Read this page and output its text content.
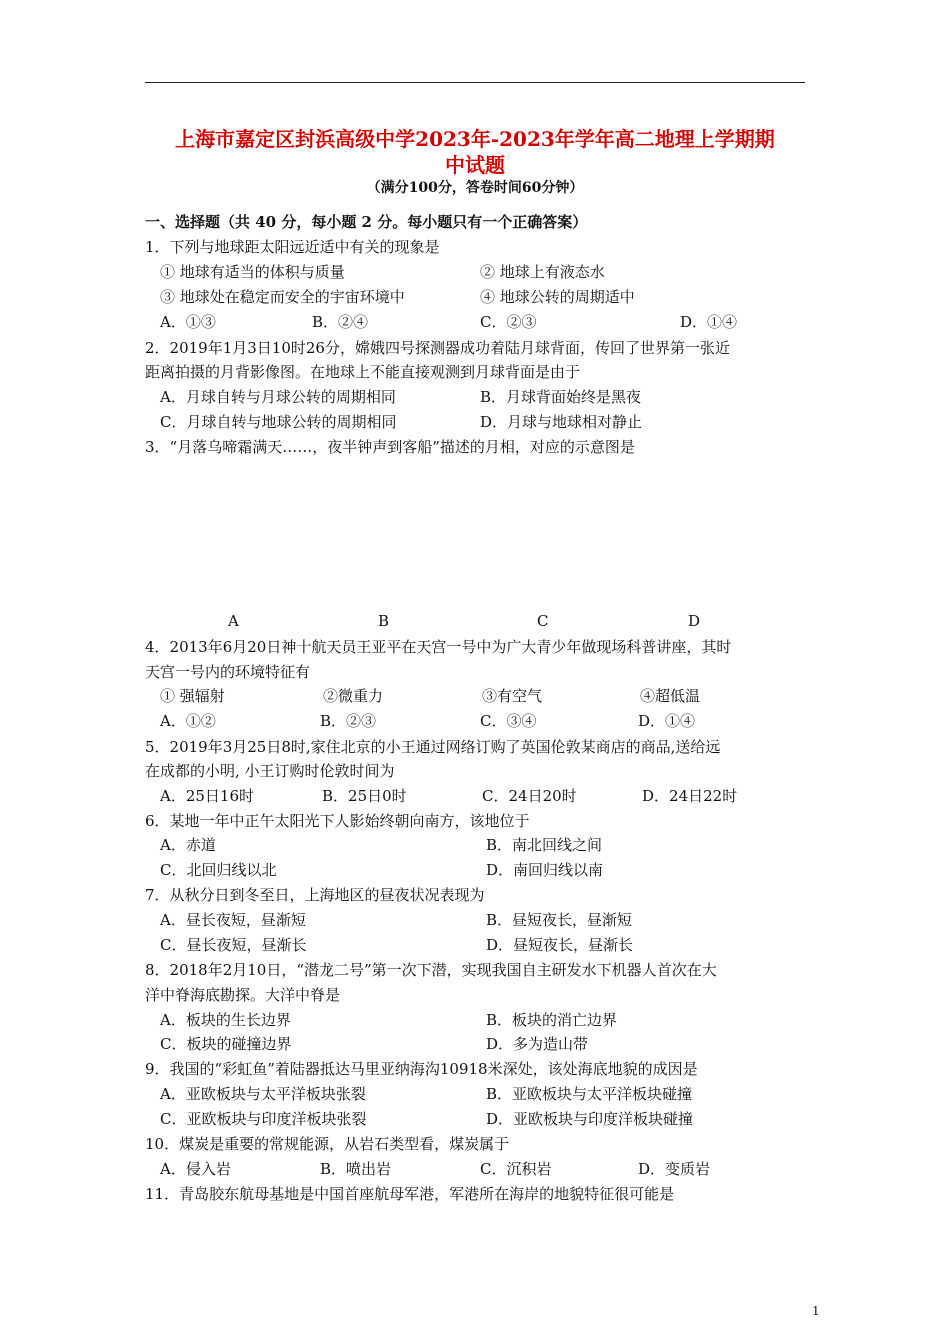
上海市嘉定区封浜高级中学2023年-2023年学年高二地理上学期期
中试题
（满分100分，答卷时间60分钟）
一、选择题（共 40 分，每小题 2 分。每小题只有一个正确答案）
1．下列与地球距太阳远近适中有关的现象是
① 地球有适当的体积与质量	② 地球上有液态水
③ 地球处在稳定而安全的宇宙环境中	④ 地球公转的周期适中
A．①③	B．②④	C．②③	D．①④
2．2019年1月3日10时26分，嫦娥四号探测器成功着陆月球背面，传回了世界第一张近
距离拍摄的月背影像图。在地球上不能直接观测到月球背面是由于
A．月球自转与月球公转的周期相同	B．月球背面始终是黑夜
C．月球自转与地球公转的周期相同	D．月球与地球相对静止
3．“月落乌啼霜满天……，夜半钟声到客船”描述的月相，对应的示意图是
A	B	C	D
4．2013年6月20日神十航天员王亚平在天宫一号中为广大青少年做现场科普讲座，其时
天宫一号内的环境特征有
① 强辐射	②微重力	③有空气	④超低温
A．①②	B．②③	C．③④	D．①④
5．2019年3月25日8时,家住北京的小王通过网络订购了英国伦敦某商店的商品,送给远
在成都的小明, 小王订购时伦敦时间为
A．25日16时	B．25日0时	C．24日20时	D．24日22时
6．某地一年中正午太阳光下人影始终朝向南方，该地位于
A．赤道	B．南北回线之间
C．北回归线以北	D．南回归线以南
7．从秋分日到冬至日，上海地区的昼夜状况表现为
A．昼长夜短，昼渐短	B．昼短夜长，昼渐短
C．昼长夜短，昼渐长	D．昼短夜长，昼渐长
8．2018年2月10日，“潜龙二号”第一次下潜，实现我国自主研发水下机器人首次在大
洋中脊海底勘探。大洋中脊是
A．板块的生长边界	B．板块的消亡边界
C．板块的碰撞边界	D．多为造山带
9．我国的“彩虹鱼”着陆器抵达马里亚纳海沟10918米深处，该处海底地貌的成因是
A．亚欧板块与太平洋板块张裂	B．亚欧板块与太平洋板块碰撞
C．亚欧板块与印度洋板块张裂	D．亚欧板块与印度洋板块碰撞
10．煤炭是重要的常规能源，从岩石类型看，煤炭属于
A．侵入岩	B．喷出岩	C．沉积岩	D．变质岩
11．青岛胶东航母基地是中国首座航母军港，军港所在海岸的地貌特征很可能是
1
